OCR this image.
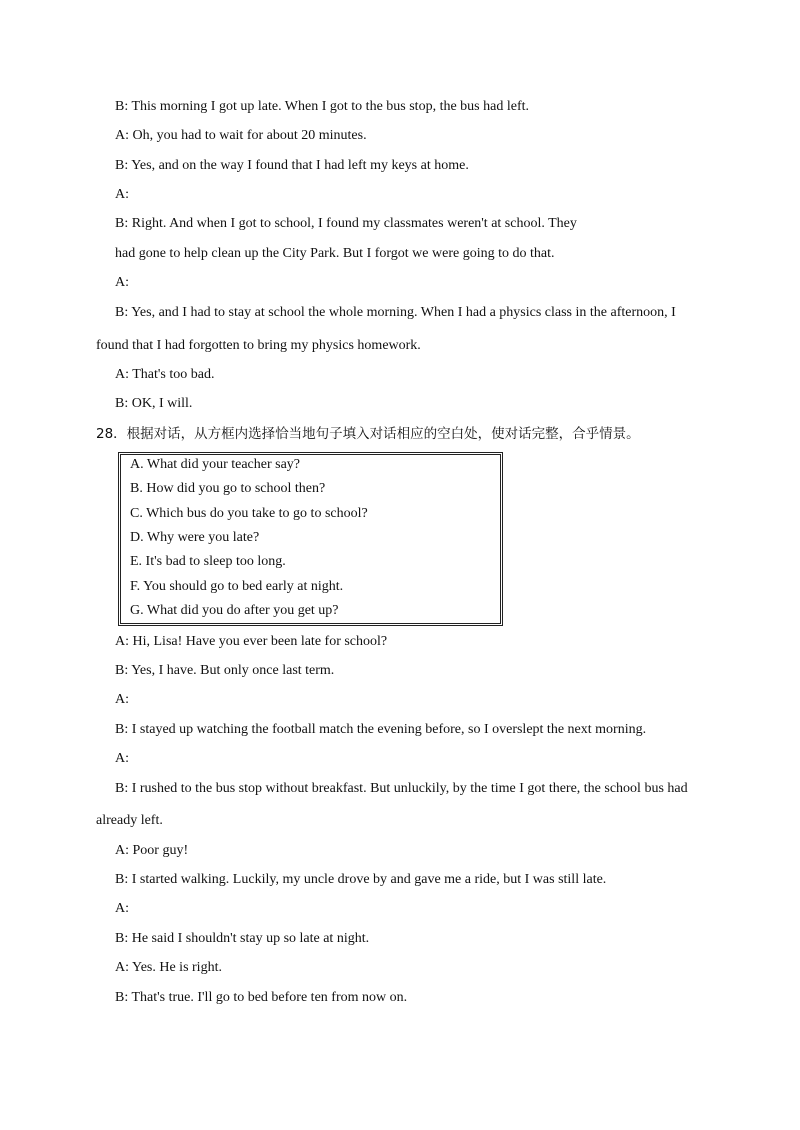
B: This morning I got up late. When I got to the bus stop, the bus had left.
A: Oh, you had to wait for about 20 minutes.
B: Yes, and on the way I found that I had left my keys at home.
A:
B: Right. And when I got to school, I found my classmates weren't at school. They
had gone to help clean up the City Park. But I forgot we were going to do that.
A:
B: Yes, and I had to stay at school the whole morning. When I had a physics class in the afternoon, I
found that I had forgotten to bring my physics homework.
A: That's too bad.
B: OK, I will.
28．根据对话，从方框内选择恰当地句子填入对话相应的空白处，使对话完整，合乎情景。
A. What did your teacher say?
B. How did you go to school then?
C. Which bus do you take to go to school?
D. Why were you late?
E. It's bad to sleep too long.
F. You should go to bed early at night.
G. What did you do after you get up?
A: Hi, Lisa! Have you ever been late for school?
B: Yes, I have. But only once last term.
A:
B: I stayed up watching the football match the evening before, so I overslept the next morning.
A:
B: I rushed to the bus stop without breakfast. But unluckily, by the time I got there, the school bus had
already left.
A: Poor guy!
B: I started walking. Luckily, my uncle drove by and gave me a ride, but I was still late.
A:
B: He said I shouldn't stay up so late at night.
A: Yes. He is right.
B: That's true. I'll go to bed before ten from now on.
